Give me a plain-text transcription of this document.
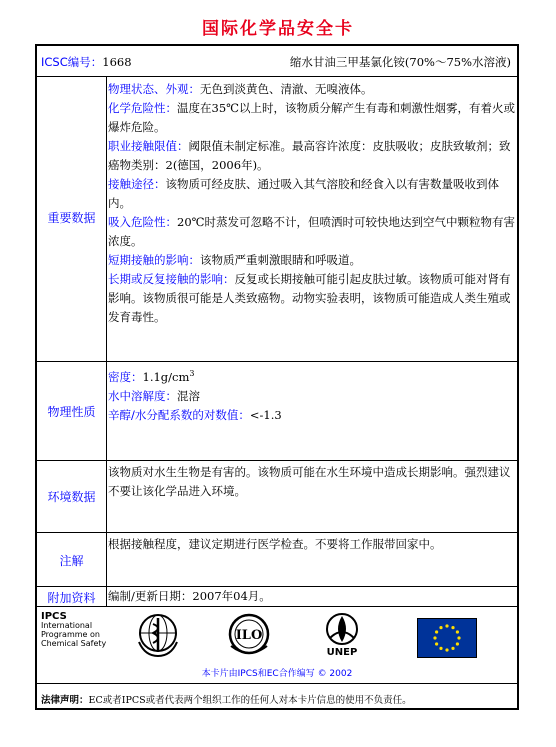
国际化学品安全卡
ICSC编号：1668	缩水甘油三甲基氯化铵(70%～75%水溶液)
重要数据

物理状态、外观：无色到淡黄色、清澈、无嗅液体。

化学危险性：温度在35℃以上时，该物质分解产生有毒和刺激性烟雾，有着火或爆炸危险。

职业接触限值：阈限值未制定标准。最高容许浓度：皮肤吸收；皮肤致敏剂；致癌物类别：2(德国，2006年)。

接触途径：该物质可经皮肤、通过吸入其气溶胶和经食入以有害数量吸收到体内。

吸入危险性：20℃时蒸发可忽略不计，但喷洒时可较快地达到空气中颗粒物有害浓度。

短期接触的影响：该物质严重刺激眼睛和呼吸道。

长期或反复接触的影响：反复或长期接触可能引起皮肤过敏。该物质可能对肾有影响。该物质很可能是人类致癌物。动物实验表明，该物质可能造成人类生殖或发育毒性。

物理性质

密度：$1.1g/cm^3$

水中溶解度：混溶

辛醇/水分配系数的对数值：<-1.3

环境数据
该物质对水生生物是有害的。该物质可能在水生环境中造成长期影响。强烈建议不要让该化学品进入环境。
注解
根据接触程度，建议定期进行医学检查。不要将工作服带回家中。
附加资料	编制/更新日期：2007年04月。
IPCS
International
Programme on
Chemical Safety
ILO
UNEP
本卡片由IPCS和EC合作编写 © 2002
法律声明：EC或者IPCS或者代表两个组织工作的任何人对本卡片信息的使用不负责任。
